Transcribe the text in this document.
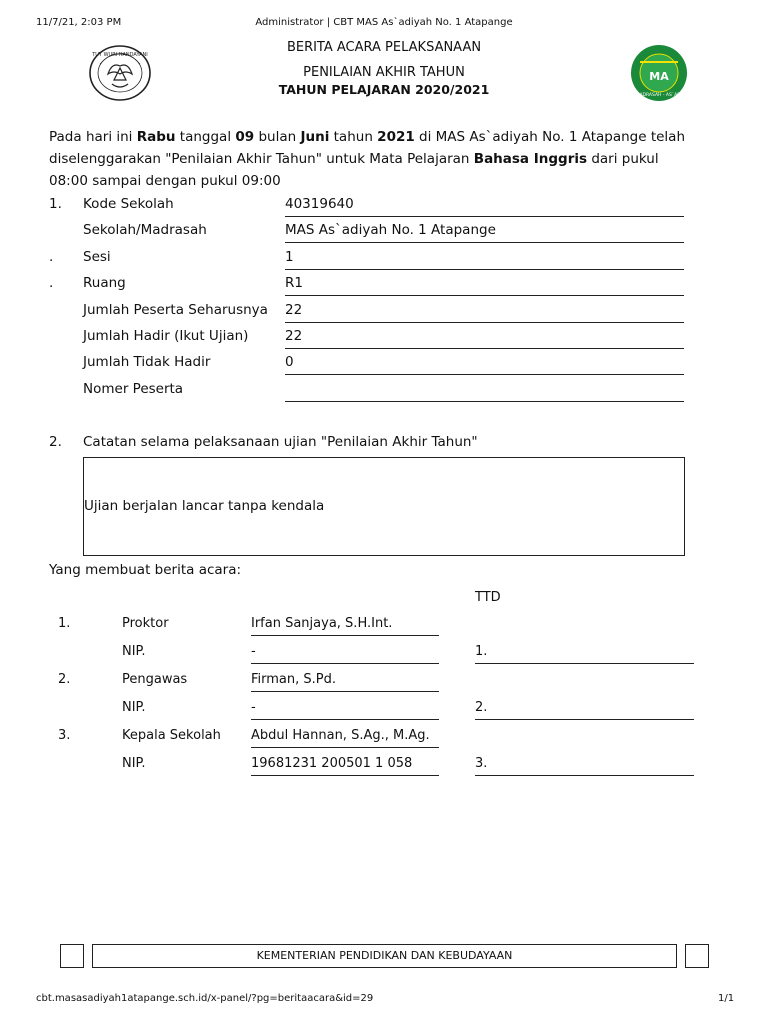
11/7/21, 2:03 PM	Administrator | CBT MAS As`adiyah No. 1 Atapange
TUT WURI HANDAYANI
MA
MA MADRASAH - AS`ADIYAH
BERITA ACARA PELAKSANAAN
PENILAIAN AKHIR TAHUN
TAHUN PELAJARAN 2020/2021
Pada hari ini Rabu tanggal 09 bulan Juni tahun 2021 di MAS As`adiyah No. 1 Atapange telah
diselenggarakan "Penilaian Akhir Tahun" untuk Mata Pelajaran Bahasa Inggris dari pukul
08:00 sampai dengan pukul 09:00
1. Kode Sekolah	40319640
Sekolah/Madrasah	MAS As`adiyah No. 1 Atapange
. Sesi	1
. Ruang	R1
Jumlah Peserta Seharusnya 22
Jumlah Hadir (Ikut Ujian)	22
Jumlah Tidak Hadir	0
Nomer Peserta
2. Catatan selama pelaksanaan ujian "Penilaian Akhir Tahun"
Ujian berjalan lancar tanpa kendala
Yang membuat berita acara:
TTD
1.	Proktor	Irfan Sanjaya, S.H.Int.
NIP.	-	1.
2.	Pengawas	Firman, S.Pd.
NIP.	-	2.
3.	Kepala Sekolah Abdul Hannan, S.Ag., M.Ag.
NIP.	19681231 200501 1 058	3.
KEMENTERIAN PENDIDIKAN DAN KEBUDAYAAN
cbt.masasadiyah1atapange.sch.id/x-panel/?pg=beritaacara&id=29	1/1
